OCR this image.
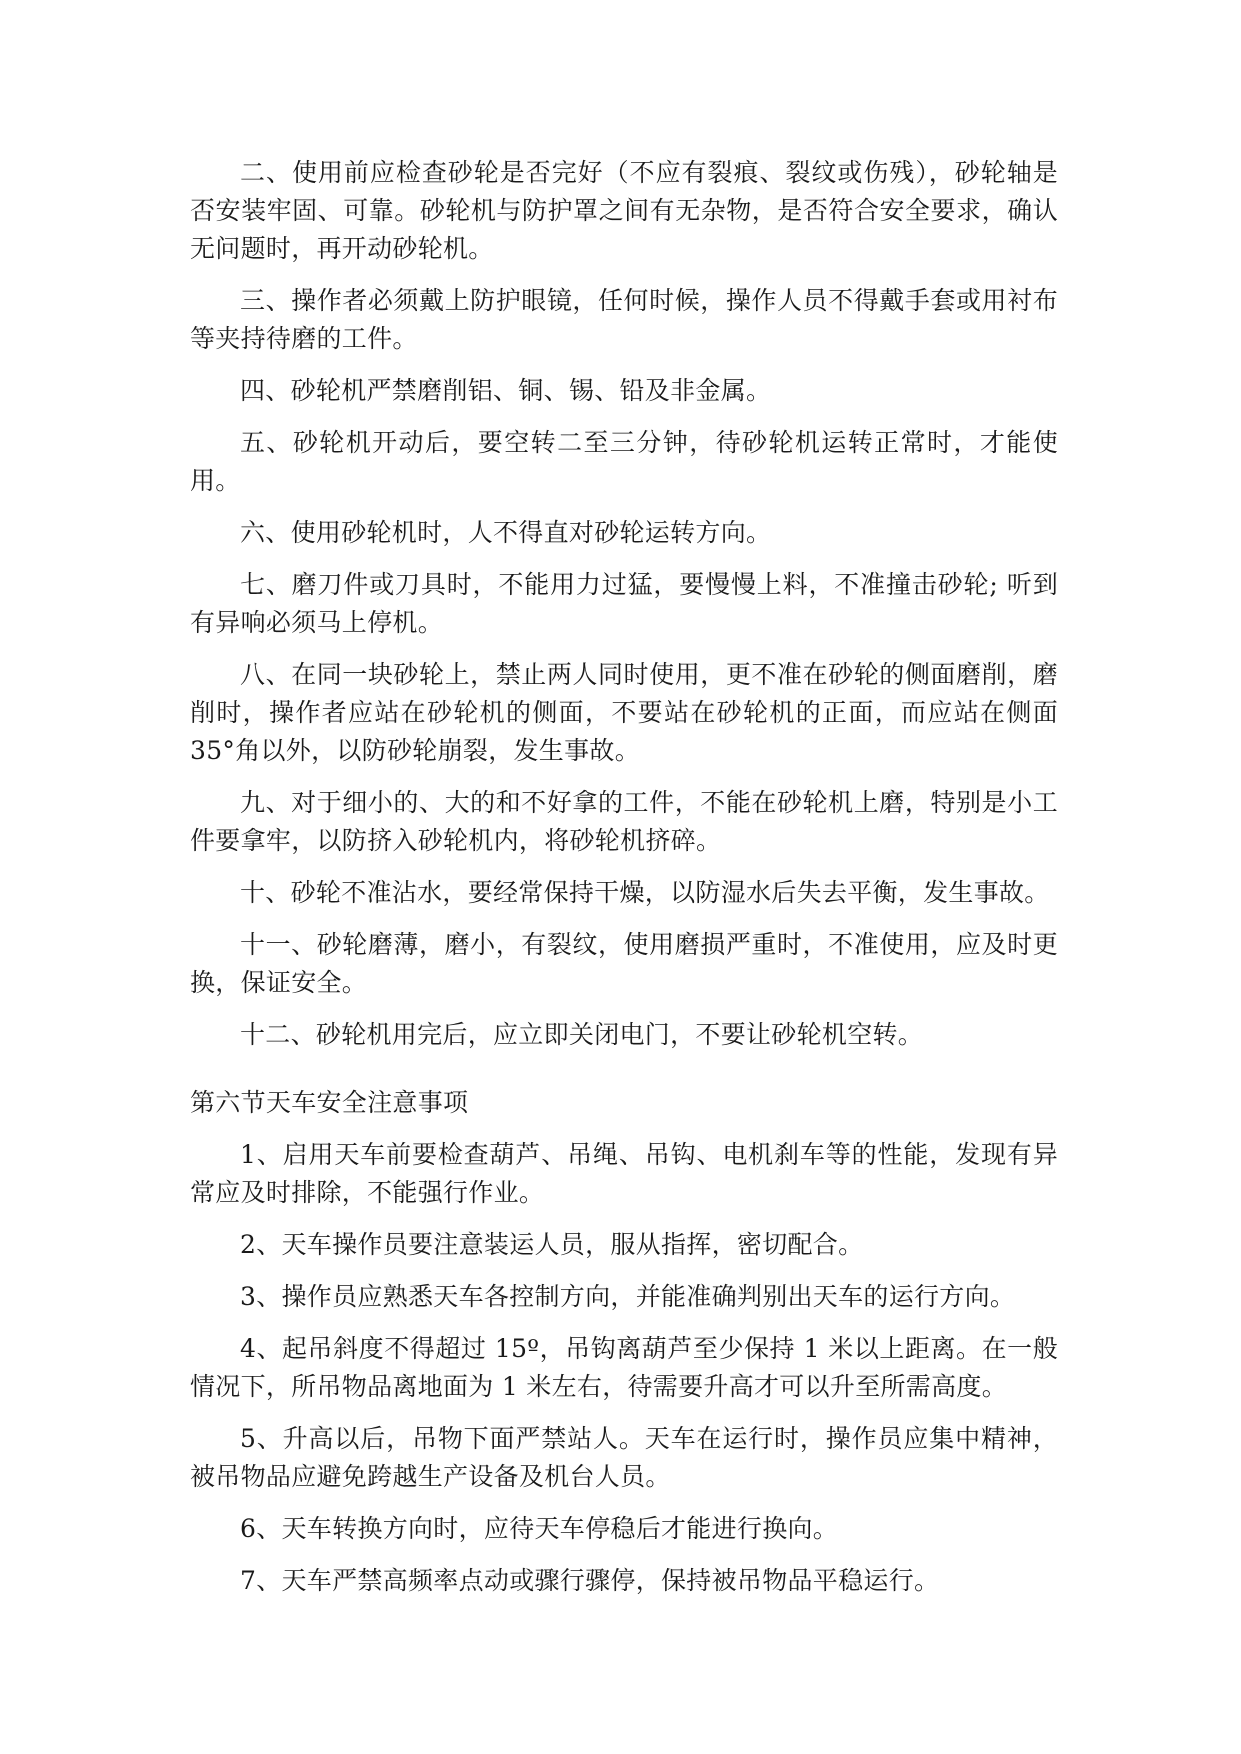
二、使用前应检查砂轮是否完好（不应有裂痕、裂纹或伤残），砂轮轴是否安装牢固、可靠。砂轮机与防护罩之间有无杂物，是否符合安全要求，确认无问题时，再开动砂轮机。

三、操作者必须戴上防护眼镜，任何时候，操作人员不得戴手套或用衬布等夹持待磨的工件。

四、砂轮机严禁磨削铝、铜、锡、铅及非金属。

五、砂轮机开动后，要空转二至三分钟，待砂轮机运转正常时，才能使用。

六、使用砂轮机时，人不得直对砂轮运转方向。

七、磨刀件或刀具时，不能用力过猛，要慢慢上料，不准撞击砂轮; 听到有异响必须马上停机。

八、在同一块砂轮上，禁止两人同时使用，更不准在砂轮的侧面磨削，磨削时，操作者应站在砂轮机的侧面，不要站在砂轮机的正面，而应站在侧面 35°角以外，以防砂轮崩裂，发生事故。

九、对于细小的、大的和不好拿的工件，不能在砂轮机上磨，特别是小工件要拿牢，以防挤入砂轮机内，将砂轮机挤碎。

十、砂轮不准沾水，要经常保持干燥，以防湿水后失去平衡，发生事故。

十一、砂轮磨薄，磨小，有裂纹，使用磨损严重时，不准使用，应及时更换，保证安全。

十二、砂轮机用完后，应立即关闭电门，不要让砂轮机空转。

第六节天车安全注意事项

1、启用天车前要检查葫芦、吊绳、吊钩、电机刹车等的性能，发现有异常应及时排除，不能强行作业。

2、天车操作员要注意装运人员，服从指挥，密切配合。

3、操作员应熟悉天车各控制方向，并能准确判别出天车的运行方向。

4、起吊斜度不得超过 15º，吊钩离葫芦至少保持 1 米以上距离。在一般情况下，所吊物品离地面为 1 米左右，待需要升高才可以升至所需高度。

5、升高以后，吊物下面严禁站人。天车在运行时，操作员应集中精神，被吊物品应避免跨越生产设备及机台人员。

6、天车转换方向时，应待天车停稳后才能进行换向。

7、天车严禁高频率点动或骤行骤停，保持被吊物品平稳运行。
